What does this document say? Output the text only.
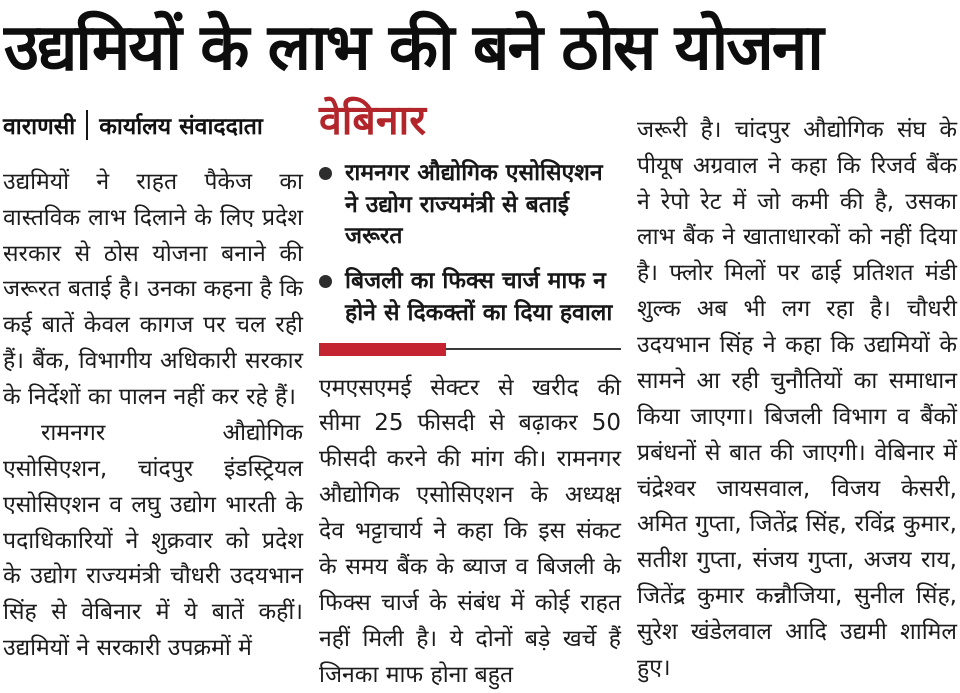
उद्यमियों के लाभ की बने ठोस योजना
वाराणसी कार्यालय संवाददाता

उद्यमियों ने राहत पैकेज का वास्तविक लाभ दिलाने के लिए प्रदेश सरकार से ठोस योजना बनाने की जरूरत बताई है। उनका कहना है कि कई बातें केवल कागज पर चल रही हैं। बैंक, विभागीय अधिकारी सरकार के निर्देशों का पालन नहीं कर रहे हैं।

रामनगर औद्योगिक एसोसिएशन, चांदपुर इंडस्ट्रियल एसोसिएशन व लघु उद्योग भारती के पदाधिकारियों ने शुक्रवार को प्रदेश के उद्योग राज्यमंत्री चौधरी उदयभान सिंह से वेबिनार में ये बातें कहीं। उद्यमियों ने सरकारी उपक्रमों में

वेबिनार
रामनगर औद्योगिक एसोसिएशन ने उद्योग राज्यमंत्री से बताई जरूरत
बिजली का फिक्स चार्ज माफ न होने से दिकक्तों का दिया हवाला

एमएसएमई सेक्टर से खरीद की सीमा 25 फीसदी से बढ़ाकर 50 फीसदी करने की मांग की। रामनगर औद्योगिक एसोसिएशन के अध्यक्ष देव भट्टाचार्य ने कहा कि इस संकट के समय बैंक के ब्याज व बिजली के फिक्स चार्ज के संबंध में कोई राहत नहीं मिली है। ये दोनों बड़े खर्चे हैं जिनका माफ होना बहुत

जरूरी है। चांदपुर औद्योगिक संघ के पीयूष अग्रवाल ने कहा कि रिजर्व बैंक ने रेपो रेट में जो कमी की है, उसका लाभ बैंक ने खाताधारकों को नहीं दिया है। फ्लोर मिलों पर ढाई प्रतिशत मंडी शुल्क अब भी लग रहा है। चौधरी उदयभान सिंह ने कहा कि उद्यमियों के सामने आ रही चुनौतियों का समाधान किया जाएगा। बिजली विभाग व बैंकों प्रबंधनों से बात की जाएगी। वेबिनार में चंद्रेश्वर जायसवाल, विजय केसरी, अमित गुप्ता, जितेंद्र सिंह, रविंद्र कुमार, सतीश गुप्ता, संजय गुप्ता, अजय राय, जितेंद्र कुमार कन्नौजिया, सुनील सिंह, सुरेश खंडेलवाल आदि उद्यमी शामिल हुए।
